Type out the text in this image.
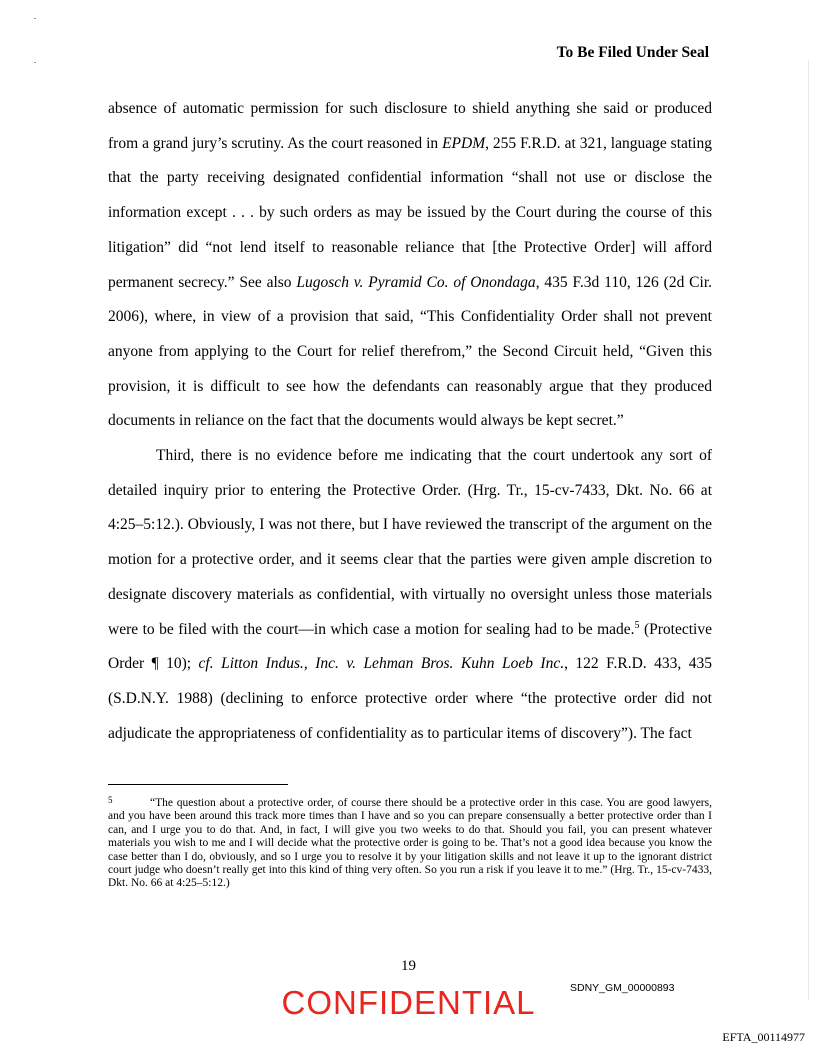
To Be Filed Under Seal

absence of automatic permission for such disclosure to shield anything she said or produced from a grand jury’s scrutiny. As the court reasoned in EPDM, 255 F.R.D. at 321, language stating that the party receiving designated confidential information “shall not use or disclose the information except . . . by such orders as may be issued by the Court during the course of this litigation” did “not lend itself to reasonable reliance that [the Protective Order] will afford permanent secrecy.” See also Lugosch v. Pyramid Co. of Onondaga, 435 F.3d 110, 126 (2d Cir. 2006), where, in view of a provision that said, “This Confidentiality Order shall not prevent anyone from applying to the Court for relief therefrom,” the Second Circuit held, “Given this provision, it is difficult to see how the defendants can reasonably argue that they produced documents in reliance on the fact that the documents would always be kept secret.”

Third, there is no evidence before me indicating that the court undertook any sort of detailed inquiry prior to entering the Protective Order. (Hrg. Tr., 15-cv-7433, Dkt. No. 66 at 4:25–5:12.). Obviously, I was not there, but I have reviewed the transcript of the argument on the motion for a protective order, and it seems clear that the parties were given ample discretion to designate discovery materials as confidential, with virtually no oversight unless those materials were to be filed with the court—in which case a motion for sealing had to be made.$^5$ (Protective Order ¶ 10); cf. Litton Indus., Inc. v. Lehman Bros. Kuhn Loeb Inc., 122 F.R.D. 433, 435 (S.D.N.Y. 1988) (declining to enforce protective order where “the protective order did not adjudicate the appropriateness of confidentiality as to particular items of discovery”). The fact

5	“The question about a protective order, of course there should be a protective order in this case. You are good lawyers, and you have been around this track more times than I have and so you can prepare consensually a better protective order than I can, and I urge you to do that. And, in fact, I will give you two weeks to do that. Should you fail, you can present whatever materials you wish to me and I will decide what the protective order is going to be. That’s not a good idea because you know the case better than I do, obviously, and so I urge you to resolve it by your litigation skills and not leave it up to the ignorant district court judge who doesn’t really get into this kind of thing very often. So you run a risk if you leave it to me.” (Hrg. Tr., 15-cv-7433, Dkt. No. 66 at 4:25–5:12.)
19
SDNY_GM_00000893
CONFIDENTIAL
EFTA_00114977
